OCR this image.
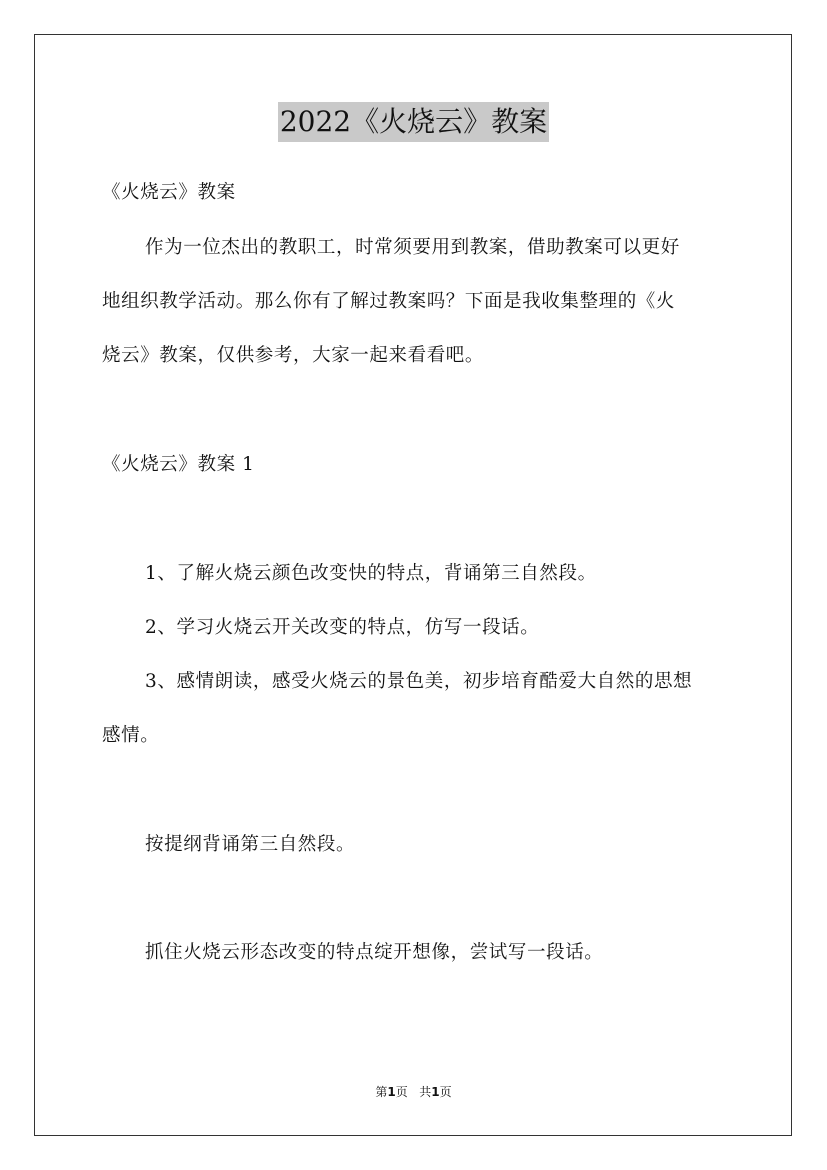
2022《火烧云》教案
《火烧云》教案
作为一位杰出的教职工，时常须要用到教案，借助教案可以更好
地组织教学活动。那么你有了解过教案吗？下面是我收集整理的《火
烧云》教案，仅供参考，大家一起来看看吧。
《火烧云》教案 1
1、了解火烧云颜色改变快的特点，背诵第三自然段。
2、学习火烧云开关改变的特点，仿写一段话。
3、感情朗读，感受火烧云的景色美，初步培育酷爱大自然的思想
感情。
按提纲背诵第三自然段。
抓住火烧云形态改变的特点绽开想像，尝试写一段话。
第1页   共1页
